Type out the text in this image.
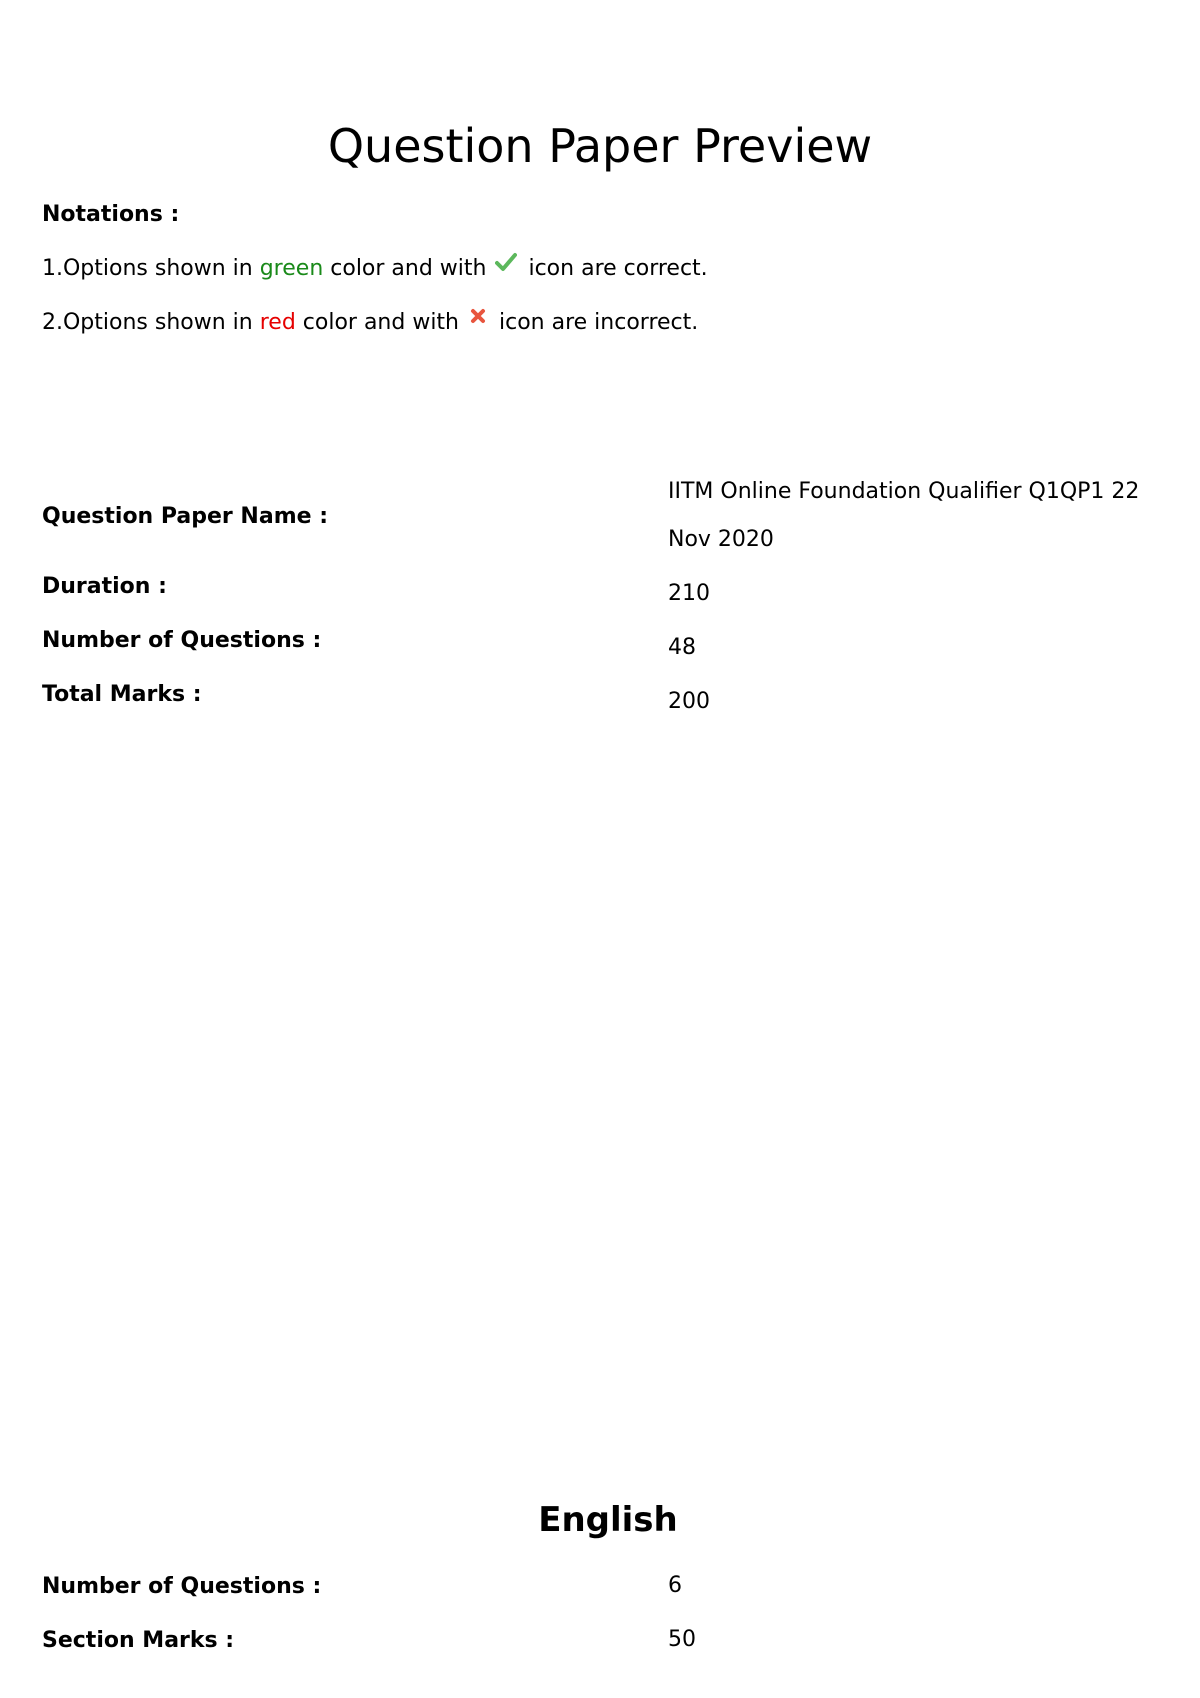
Question Paper Preview
Notations :
1.Options shown in green color and with  icon are correct.
2.Options shown in red color and with  icon are incorrect.
Question Paper Name :
IITM Online Foundation Qualifier Q1QP1 22 Nov 2020
Duration :	210
Number of Questions :	48
Total Marks :	200
English
Number of Questions :	6
Section Marks :	50
